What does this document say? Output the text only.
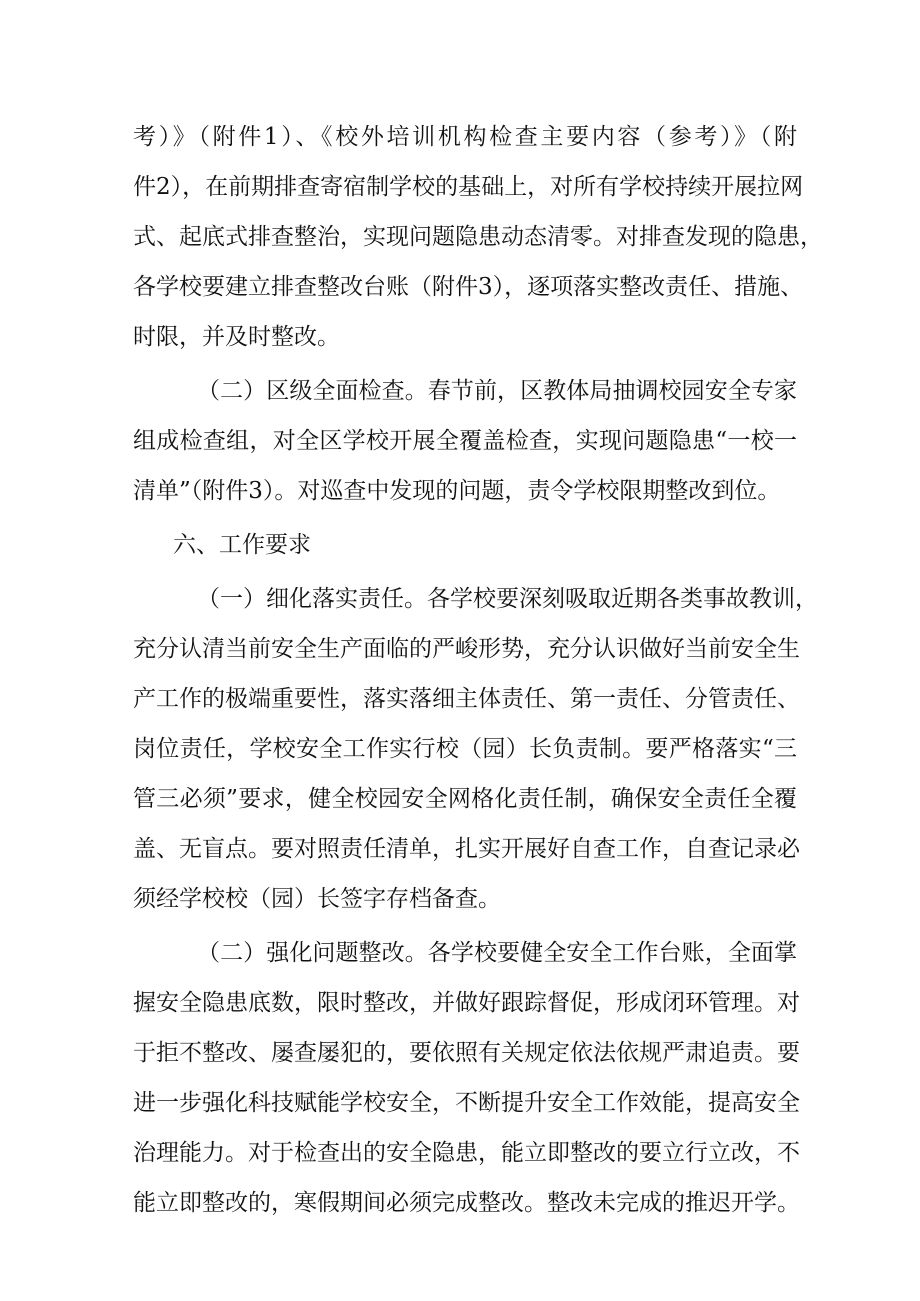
考）》（附件1）、《校外培训机构检查主要内容（参考）》（附
件2），在前期排查寄宿制学校的基础上，对所有学校持续开展拉网
式、起底式排查整治，实现问题隐患动态清零。对排查发现的隐患，
各学校要建立排查整改台账（附件3），逐项落实整改责任、措施、
时限，并及时整改。
（二）区级全面检查。春节前，区教体局抽调校园安全专家
组成检查组，对全区学校开展全覆盖检查，实现问题隐患“一校一
清单”（附件3）。对巡查中发现的问题，责令学校限期整改到位。
六、工作要求
（一）细化落实责任。各学校要深刻吸取近期各类事故教训，
充分认清当前安全生产面临的严峻形势，充分认识做好当前安全生
产工作的极端重要性，落实落细主体责任、第一责任、分管责任、
岗位责任，学校安全工作实行校（园）长负责制。要严格落实“三
管三必须”要求，健全校园安全网格化责任制，确保安全责任全覆
盖、无盲点。要对照责任清单，扎实开展好自查工作，自查记录必
须经学校校（园）长签字存档备查。
（二）强化问题整改。各学校要健全安全工作台账，全面掌
握安全隐患底数，限时整改，并做好跟踪督促，形成闭环管理。对
于拒不整改、屡查屡犯的，要依照有关规定依法依规严肃追责。要
进一步强化科技赋能学校安全，不断提升安全工作效能，提高安全
治理能力。对于检查出的安全隐患，能立即整改的要立行立改，不
能立即整改的，寒假期间必须完成整改。整改未完成的推迟开学。
